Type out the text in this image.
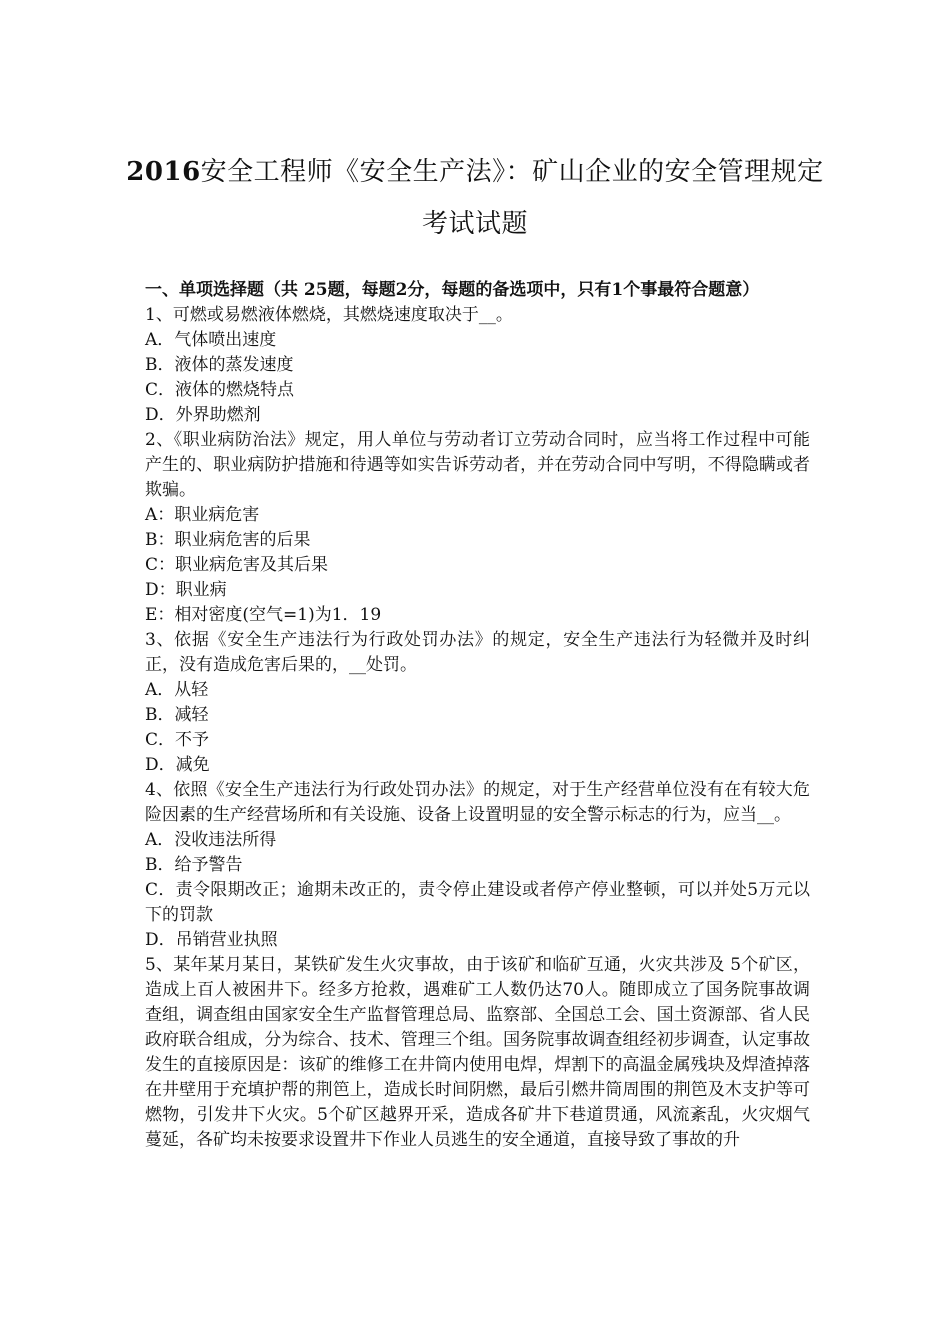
2016安全工程师《安全生产法》：矿山企业的安全管理规定考试试题

一、单项选择题（共 25题，每题2分，每题的备选项中，只有1个事最符合题意）

1、可燃或易燃液体燃烧，其燃烧速度取决于__。

A．气体喷出速度

B．液体的蒸发速度

C．液体的燃烧特点

D．外界助燃剂

2、《职业病防治法》规定，用人单位与劳动者订立劳动合同时，应当将工作过程中可能产生的、职业病防护措施和待遇等如实告诉劳动者，并在劳动合同中写明，不得隐瞒或者欺骗。

A：职业病危害

B：职业病危害的后果

C：职业病危害及其后果

D：职业病

E：相对密度(空气=1)为1．19

3、依据《安全生产违法行为行政处罚办法》的规定，安全生产违法行为轻微并及时纠正，没有造成危害后果的，__处罚。

A．从轻

B．减轻

C．不予

D．减免

4、依照《安全生产违法行为行政处罚办法》的规定，对于生产经营单位没有在有较大危险因素的生产经营场所和有关设施、设备上设置明显的安全警示标志的行为，应当__。

A．没收违法所得

B．给予警告

C．责令限期改正；逾期未改正的，责令停止建设或者停产停业整顿，可以并处5万元以下的罚款

D．吊销营业执照

5、某年某月某日，某铁矿发生火灾事故，由于该矿和临矿互通，火灾共涉及 5个矿区，造成上百人被困井下。经多方抢救，遇难矿工人数仍达70人。随即成立了国务院事故调查组，调查组由国家安全生产监督管理总局、监察部、全国总工会、国土资源部、省人民政府联合组成，分为综合、技术、管理三个组。国务院事故调查组经初步调查，认定事故发生的直接原因是：该矿的维修工在井筒内使用电焊，焊割下的高温金属残块及焊渣掉落在井壁用于充填护帮的荆笆上，造成长时间阴燃，最后引燃井筒周围的荆笆及木支护等可燃物，引发井下火灾。5个矿区越界开采，造成各矿井下巷道贯通，风流紊乱，火灾烟气蔓延，各矿均未按要求设置井下作业人员逃生的安全通道，直接导致了事故的升
